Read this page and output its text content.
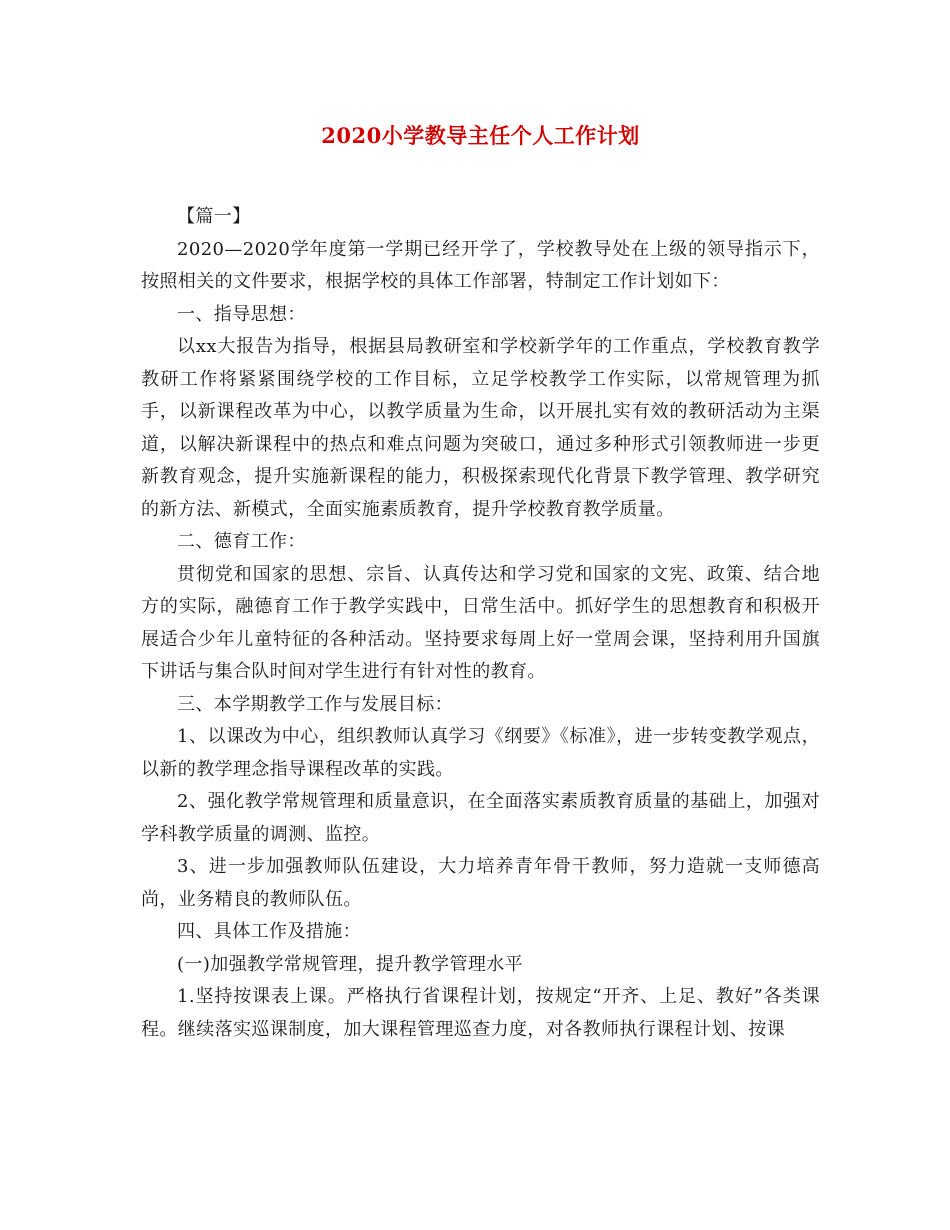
2020小学教导主任个人工作计划

【篇一】

2020—2020学年度第一学期已经开学了，学校教导处在上级的领导指示下，按照相关的文件要求，根据学校的具体工作部署，特制定工作计划如下：

一、指导思想：

以xx大报告为指导，根据县局教研室和学校新学年的工作重点，学校教育教学教研工作将紧紧围绕学校的工作目标，立足学校教学工作实际，以常规管理为抓手，以新课程改革为中心，以教学质量为生命，以开展扎实有效的教研活动为主渠道，以解决新课程中的热点和难点问题为突破口，通过多种形式引领教师进一步更新教育观念，提升实施新课程的能力，积极探索现代化背景下教学管理、教学研究的新方法、新模式，全面实施素质教育，提升学校教育教学质量。

二、德育工作：

贯彻党和国家的思想、宗旨、认真传达和学习党和国家的文宪、政策、结合地方的实际，融德育工作于教学实践中，日常生活中。抓好学生的思想教育和积极开展适合少年儿童特征的各种活动。坚持要求每周上好一堂周会课，坚持利用升国旗下讲话与集合队时间对学生进行有针对性的教育。

三、本学期教学工作与发展目标：

1、以课改为中心，组织教师认真学习《纲要》《标准》，进一步转变教学观点，以新的教学理念指导课程改革的实践。

2、强化教学常规管理和质量意识，在全面落实素质教育质量的基础上，加强对学科教学质量的调测、监控。

3、进一步加强教师队伍建设，大力培养青年骨干教师，努力造就一支师德高尚，业务精良的教师队伍。

四、具体工作及措施：

(一)加强教学常规管理，提升教学管理水平

1.坚持按课表上课。严格执行省课程计划，按规定“开齐、上足、教好”各类课程。继续落实巡课制度，加大课程管理巡查力度，对各教师执行课程计划、按课
